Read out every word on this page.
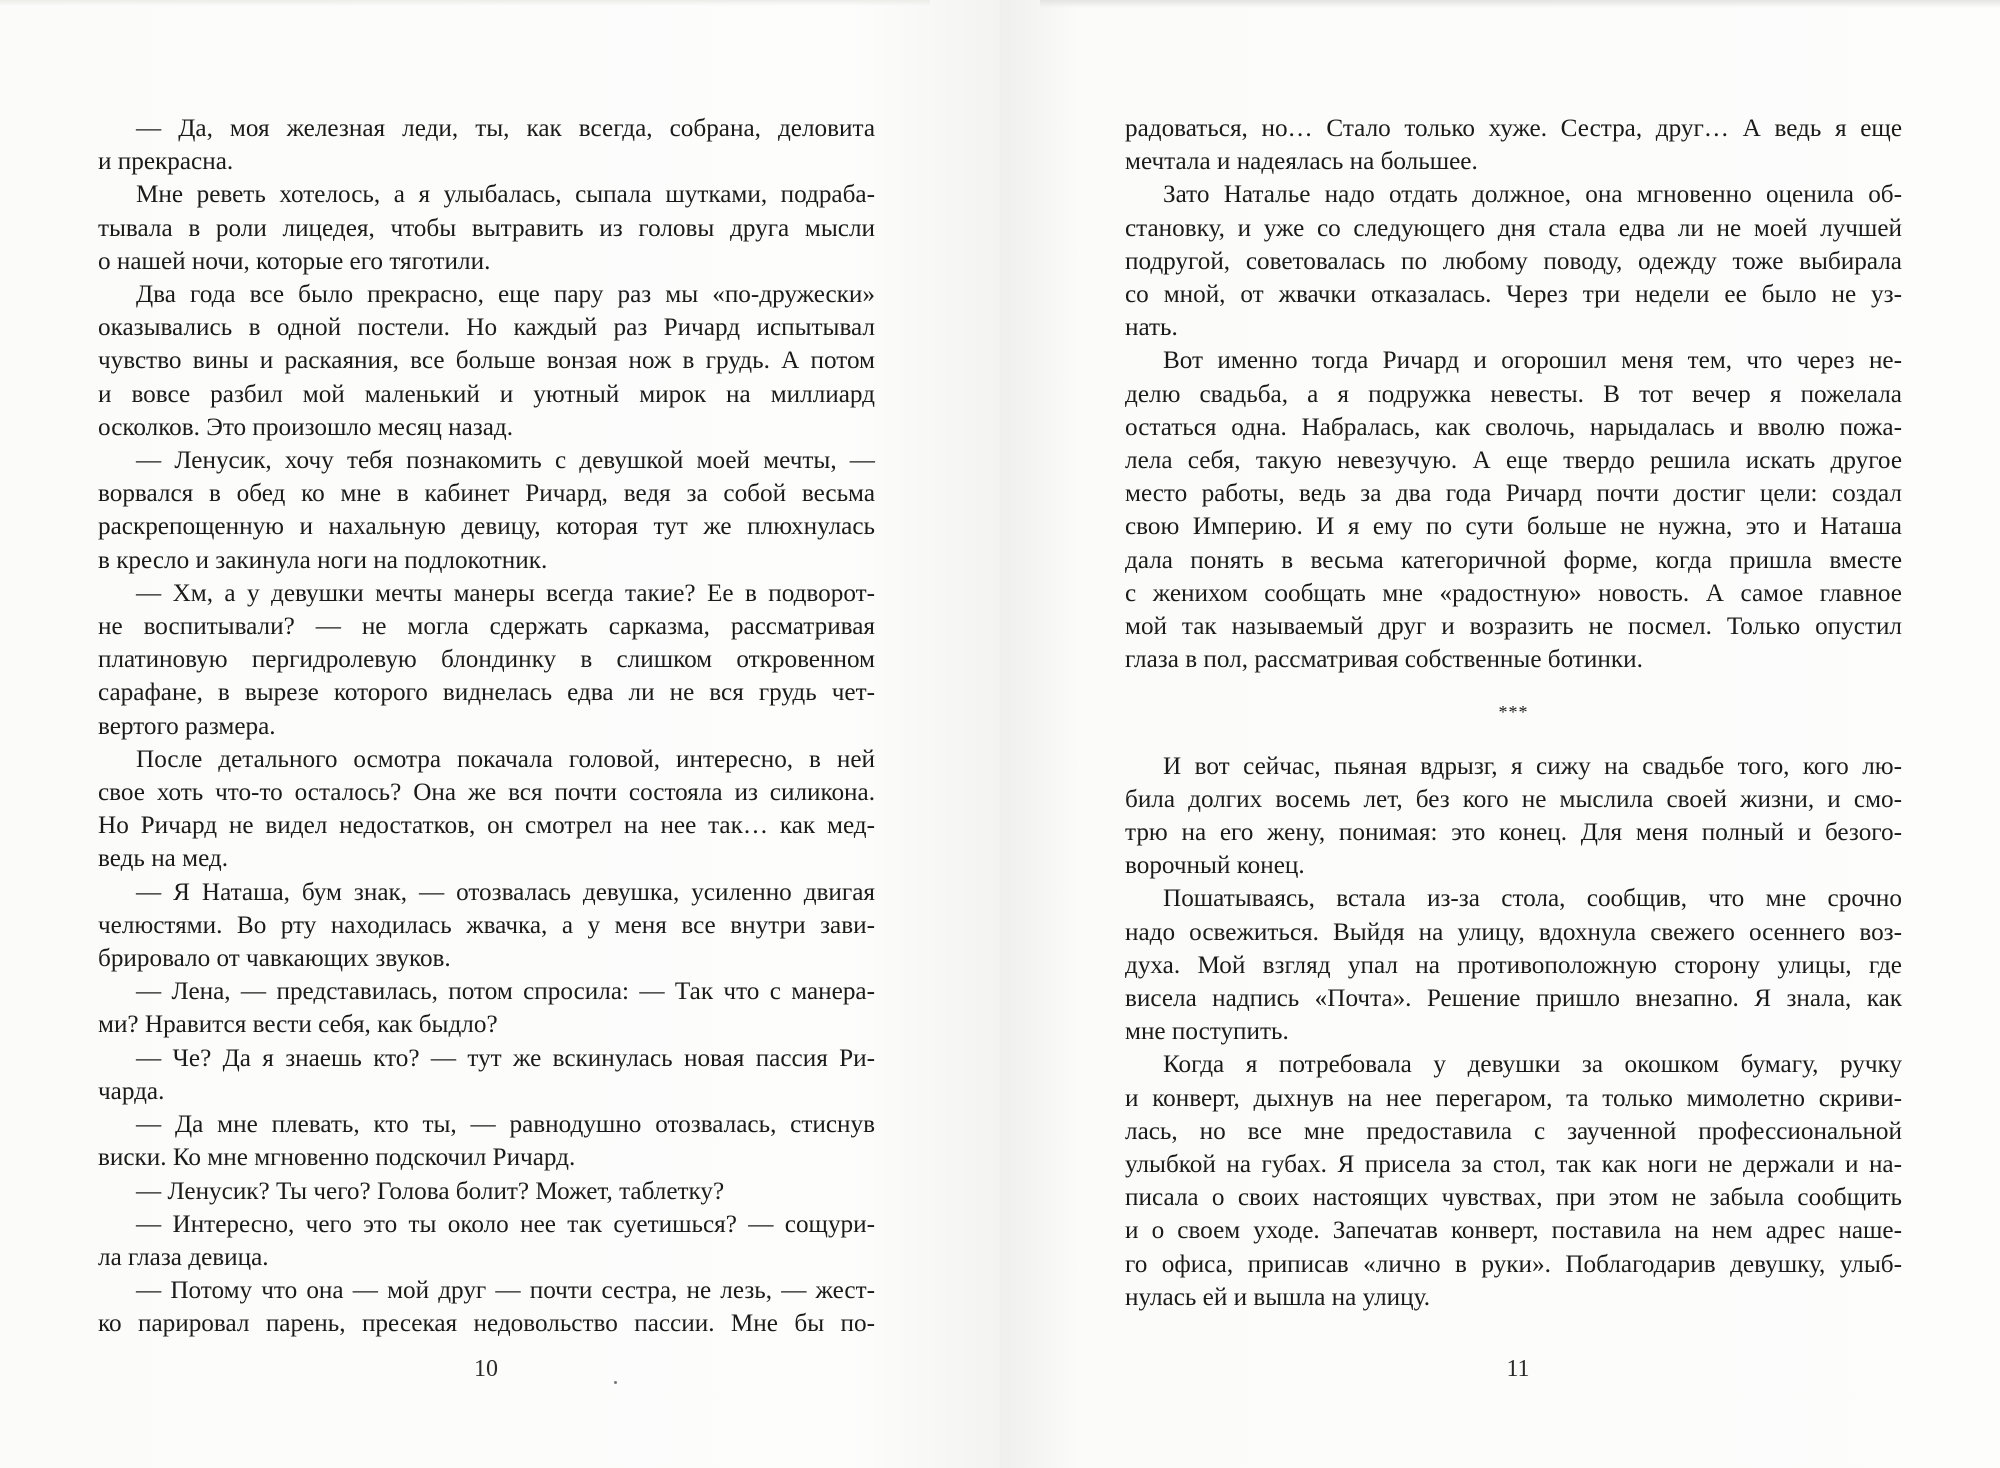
— Да, моя железная леди, ты, как всегда, собрана, деловита
и прекрасна.
Мне реветь хотелось, а я улыбалась, сыпала шутками, подраба-
тывала в роли лицедея, чтобы вытравить из головы друга мысли
о нашей ночи, которые его тяготили.
Два года все было прекрасно, еще пару раз мы «по-дружески»
оказывались в одной постели. Но каждый раз Ричард испытывал
чувство вины и раскаяния, все больше вонзая нож в грудь. А потом
и вовсе разбил мой маленький и уютный мирок на миллиард
осколков. Это произошло месяц назад.
— Ленусик, хочу тебя познакомить с девушкой моей мечты, —
ворвался в обед ко мне в кабинет Ричард, ведя за собой весьма
раскрепощенную и нахальную девицу, которая тут же плюхнулась
в кресло и закинула ноги на подлокотник.
— Хм, а у девушки мечты манеры всегда такие? Ее в подворот-
не воспитывали? — не могла сдержать сарказма, рассматривая
платиновую пергидролевую блондинку в слишком откровенном
сарафане, в вырезе которого виднелась едва ли не вся грудь чет-
вертого размера.
После детального осмотра покачала головой, интересно, в ней
свое хоть что-то осталось? Она же вся почти состояла из силикона.
Но Ричард не видел недостатков, он смотрел на нее так… как мед-
ведь на мед.
— Я Наташа, бум знак, — отозвалась девушка, усиленно двигая
челюстями. Во рту находилась жвачка, а у меня все внутри зави-
брировало от чавкающих звуков.
— Лена, — представилась, потом спросила: — Так что с манера-
ми? Нравится вести себя, как быдло?
— Че? Да я знаешь кто? — тут же вскинулась новая пассия Ри-
чарда.
— Да мне плевать, кто ты, — равнодушно отозвалась, стиснув
виски. Ко мне мгновенно подскочил Ричард.
— Ленусик? Ты чего? Голова болит? Может, таблетку?
— Интересно, чего это ты около нее так суетишься? — сощури-
ла глаза девица.
— Потому что она — мой друг — почти сестра, не лезь, — жест-
ко парировал парень, пресекая недовольство пассии. Мне бы по-
10
радоваться, но… Стало только хуже. Сестра, друг… А ведь я еще
мечтала и надеялась на большее.
Зато Наталье надо отдать должное, она мгновенно оценила об-
становку, и уже со следующего дня стала едва ли не моей лучшей
подругой, советовалась по любому поводу, одежду тоже выбирала
со мной, от жвачки отказалась. Через три недели ее было не уз-
нать.
Вот именно тогда Ричард и огорошил меня тем, что через не-
делю свадьба, а я подружка невесты. В тот вечер я пожелала
остаться одна. Набралась, как сволочь, нарыдалась и вволю пожа-
лела себя, такую невезучую. А еще твердо решила искать другое
место работы, ведь за два года Ричард почти достиг цели: создал
свою Империю. И я ему по сути больше не нужна, это и Наташа
дала понять в весьма категоричной форме, когда пришла вместе
с женихом сообщать мне «радостную» новость. А самое главное
мой так называемый друг и возразить не посмел. Только опустил
глаза в пол, рассматривая собственные ботинки.
***
И вот сейчас, пьяная вдрызг, я сижу на свадьбе того, кого лю-
била долгих восемь лет, без кого не мыслила своей жизни, и смо-
трю на его жену, понимая: это конец. Для меня полный и безого-
ворочный конец.
Пошатываясь, встала из-за стола, сообщив, что мне срочно
надо освежиться. Выйдя на улицу, вдохнула свежего осеннего воз-
духа. Мой взгляд упал на противоположную сторону улицы, где
висела надпись «Почта». Решение пришло внезапно. Я знала, как
мне поступить.
Когда я потребовала у девушки за окошком бумагу, ручку
и конверт, дыхнув на нее перегаром, та только мимолетно скриви-
лась, но все мне предоставила с заученной профессиональной
улыбкой на губах. Я присела за стол, так как ноги не держали и на-
писала о своих настоящих чувствах, при этом не забыла сообщить
и о своем уходе. Запечатав конверт, поставила на нем адрес наше-
го офиса, приписав «лично в руки». Поблагодарив девушку, улыб-
нулась ей и вышла на улицу.
11
